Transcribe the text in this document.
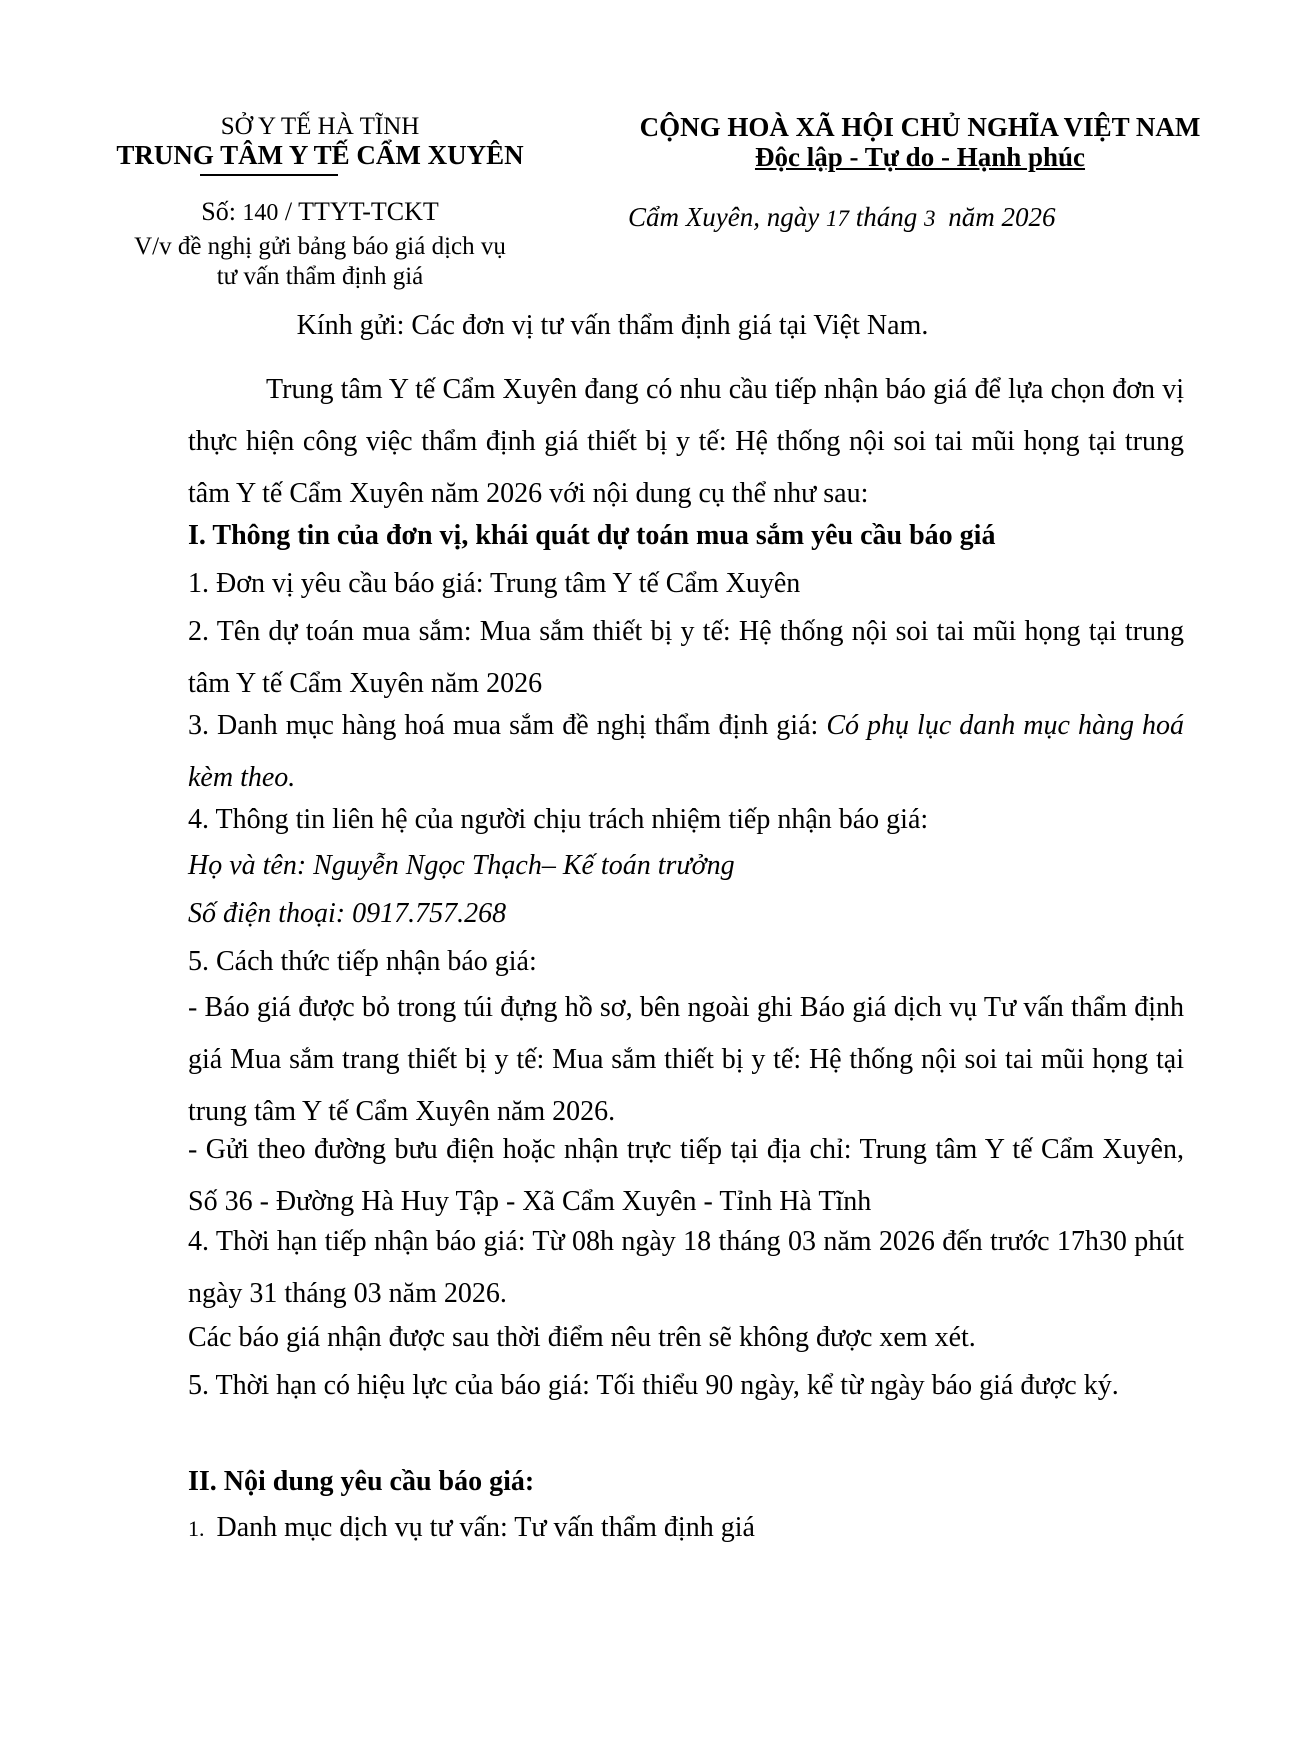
SỞ Y TẾ HÀ TĨNH
TRUNG TÂM Y TẾ CẨM XUYÊN
Số: 140 / TTYT-TCKT
V/v đề nghị gửi bảng báo giá dịch vụ
tư vấn thẩm định giá
CỘNG HOÀ XÃ HỘI CHỦ NGHĨA VIỆT NAM
Độc lập - Tự do - Hạnh phúc
Cẩm Xuyên, ngày 17 tháng 3 năm 2026
Kính gửi: Các đơn vị tư vấn thẩm định giá tại Việt Nam.
Trung tâm Y tế Cẩm Xuyên đang có nhu cầu tiếp nhận báo giá để lựa chọn đơn vị thực hiện công việc thẩm định giá thiết bị y tế: Hệ thống nội soi tai mũi họng tại trung tâm Y tế Cẩm Xuyên năm 2026 với nội dung cụ thể như sau:
I. Thông tin của đơn vị, khái quát dự toán mua sắm yêu cầu báo giá
1. Đơn vị yêu cầu báo giá: Trung tâm Y tế Cẩm Xuyên
2. Tên dự toán mua sắm: Mua sắm thiết bị y tế: Hệ thống nội soi tai mũi họng tại trung tâm Y tế Cẩm Xuyên năm 2026
3. Danh mục hàng hoá mua sắm đề nghị thẩm định giá: Có phụ lục danh mục hàng hoá kèm theo.
4. Thông tin liên hệ của người chịu trách nhiệm tiếp nhận báo giá:
Họ và tên: Nguyễn Ngọc Thạch– Kế toán trưởng
Số điện thoại: 0917.757.268
5. Cách thức tiếp nhận báo giá:
- Báo giá được bỏ trong túi đựng hồ sơ, bên ngoài ghi Báo giá dịch vụ Tư vấn thẩm định giá Mua sắm trang thiết bị y tế: Mua sắm thiết bị y tế: Hệ thống nội soi tai mũi họng tại trung tâm Y tế Cẩm Xuyên năm 2026.
- Gửi theo đường bưu điện hoặc nhận trực tiếp tại địa chỉ: Trung tâm Y tế Cẩm Xuyên, Số 36 - Đường Hà Huy Tập - Xã Cẩm Xuyên - Tỉnh Hà Tĩnh
4. Thời hạn tiếp nhận báo giá: Từ 08h ngày 18 tháng 03 năm 2026 đến trước 17h30 phút ngày 31 tháng 03 năm 2026.
Các báo giá nhận được sau thời điểm nêu trên sẽ không được xem xét.
5. Thời hạn có hiệu lực của báo giá: Tối thiểu 90 ngày, kể từ ngày báo giá được ký.
II. Nội dung yêu cầu báo giá:
1. Danh mục dịch vụ tư vấn: Tư vấn thẩm định giá
